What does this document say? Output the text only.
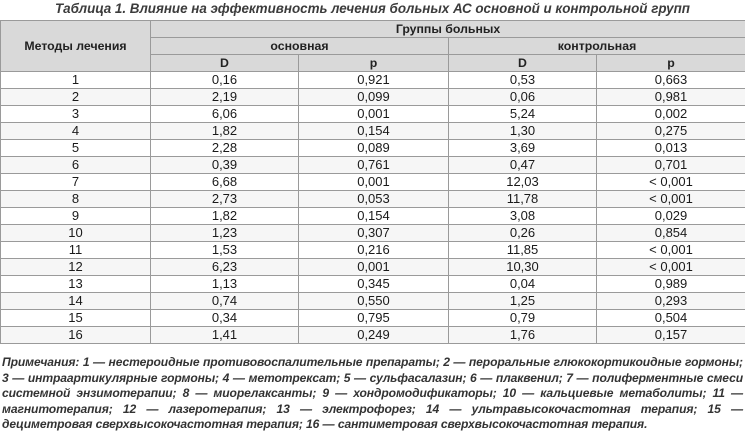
Таблица 1. Влияние на эффективность лечения больных АС основной и контрольной групп
Методы лечения	Группы больных			
	основная		контрольная	
	D	p	D	p
1	0,16	0,921	0,53	0,663
2	2,19	0,099	0,06	0,981
3	6,06	0,001	5,24	0,002
4	1,82	0,154	1,30	0,275
5	2,28	0,089	3,69	0,013
6	0,39	0,761	0,47	0,701
7	6,68	0,001	12,03	< 0,001
8	2,73	0,053	11,78	< 0,001
9	1,82	0,154	3,08	0,029
10	1,23	0,307	0,26	0,854
11	1,53	0,216	11,85	< 0,001
12	6,23	0,001	10,30	< 0,001
13	1,13	0,345	0,04	0,989
14	0,74	0,550	1,25	0,293
15	0,34	0,795	0,79	0,504
16	1,41	0,249	1,76	0,157
Примечания: 1 — нестероидные противовоспалительные препараты; 2 — пероральные глюкокортикоидные гормоны; 3 — интраартикулярные гормоны; 4 — метотрексат; 5 — сульфасалазин; 6 — плаквенил; 7 — полиферментные смеси системной энзимотерапии; 8 — миорелаксанты; 9 — хондромодификаторы; 10 — кальциевые метаболиты; 11 — магнитотерапия; 12 — лазеротерапия; 13 — электрофорез; 14 — ультравысокочастотная терапия; 15 — дециметровая сверхвысокочастотная терапия; 16 — сантиметровая сверхвысокочастотная терапия.
